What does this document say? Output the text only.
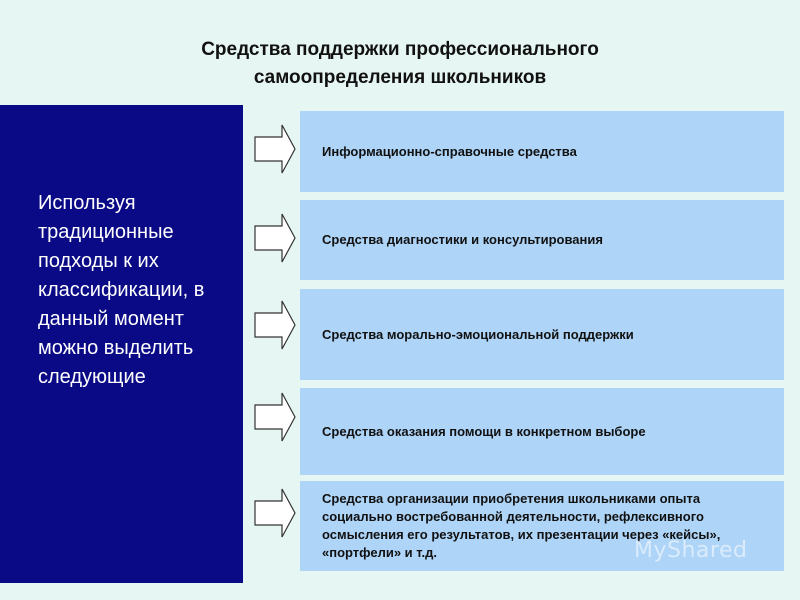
Средства поддержки профессионального
самоопределения школьников
Используя традиционные подходы к их классификации, в данный момент можно выделить следующие
Информационно-справочные средства
Средства диагностики и консультирования
Средства морально-эмоциональной поддержки
Средства оказания помощи в конкретном выборе
Средства организации приобретения школьниками опыта социально востребованной деятельности, рефлексивного осмысления его результатов, их презентации через «кейсы», «портфели» и т.д.	MyShared
